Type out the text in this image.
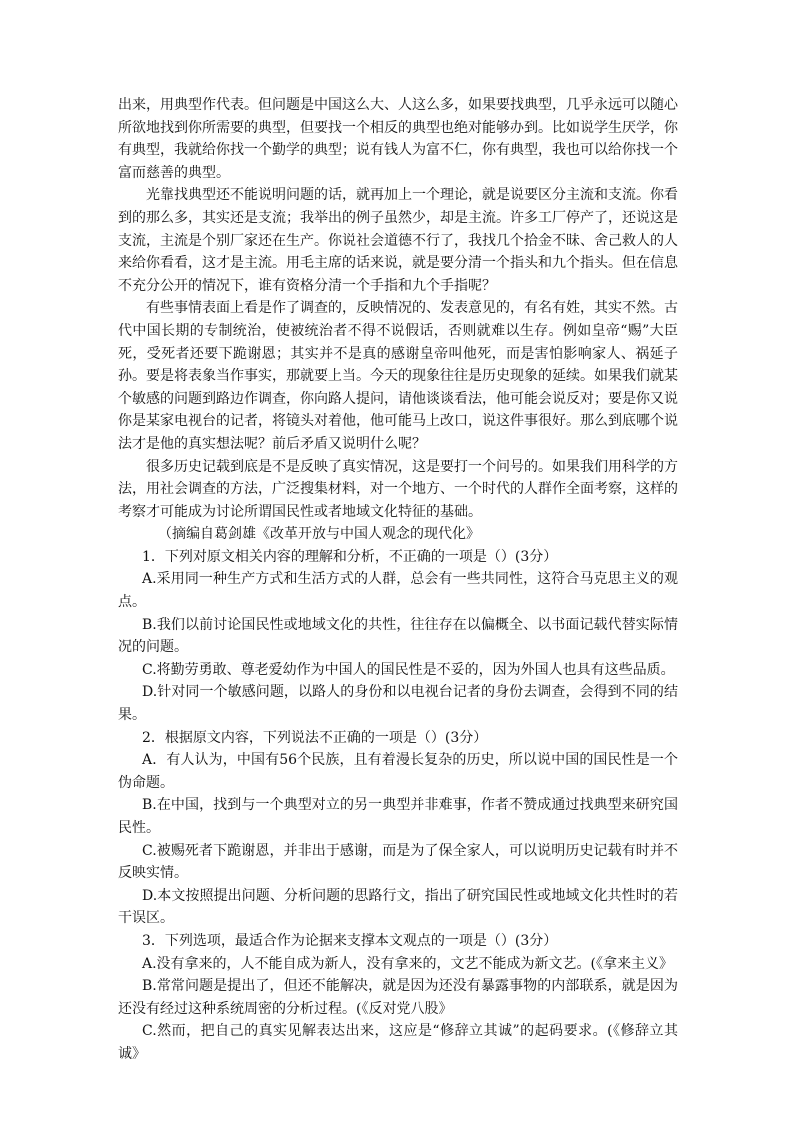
出来，用典型作代表。但问题是中国这么大、人这么多，如果要找典型，几乎永远可以随心所欲地找到你所需要的典型，但要找一个相反的典型也绝对能够办到。比如说学生厌学，你有典型，我就给你找一个勤学的典型；说有钱人为富不仁，你有典型，我也可以给你找一个富而慈善的典型。

光靠找典型还不能说明问题的话，就再加上一个理论，就是说要区分主流和支流。你看到的那么多，其实还是支流；我举出的例子虽然少，却是主流。许多工厂停产了，还说这是支流，主流是个别厂家还在生产。你说社会道德不行了，我找几个拾金不昧、舍己救人的人来给你看看，这才是主流。用毛主席的话来说，就是要分清一个指头和九个指头。但在信息不充分公开的情况下，谁有资格分清一个手指和九个手指呢？

有些事情表面上看是作了调查的，反映情况的、发表意见的，有名有姓，其实不然。古代中国长期的专制统治，使被统治者不得不说假话，否则就难以生存。例如皇帝“赐”大臣死，受死者还要下跪谢恩；其实并不是真的感谢皇帝叫他死，而是害怕影响家人、祸延子孙。要是将表象当作事实，那就要上当。今天的现象往往是历史现象的延续。如果我们就某个敏感的问题到路边作调查，你向路人提问，请他谈谈看法，他可能会说反对；要是你又说你是某家电视台的记者，将镜头对着他，他可能马上改口，说这件事很好。那么到底哪个说法才是他的真实想法呢？前后矛盾又说明什么呢？

很多历史记载到底是不是反映了真实情况，这是要打一个问号的。如果我们用科学的方法，用社会调查的方法，广泛搜集材料，对一个地方、一个时代的人群作全面考察，这样的考察才可能成为讨论所谓国民性或者地域文化特征的基础。

（摘编自葛剑雄《改革开放与中国人观念的现代化》

1．下列对原文相关内容的理解和分析，不正确的一项是（）(3分）

A.采用同一种生产方式和生活方式的人群，总会有一些共同性，这符合马克思主义的观点。

B.我们以前讨论国民性或地域文化的共性，往往存在以偏概全、以书面记载代替实际情况的问题。

C.将勤劳勇敢、尊老爱幼作为中国人的国民性是不妥的，因为外国人也具有这些品质。

D.针对同一个敏感问题，以路人的身份和以电视台记者的身份去调查，会得到不同的结果。

2．根据原文内容，下列说法不正确的一项是（）(3分）

A．有人认为，中国有56个民族，且有着漫长复杂的历史，所以说中国的国民性是一个伪命题。

B.在中国，找到与一个典型对立的另一典型并非难事，作者不赞成通过找典型来研究国民性。

C.被赐死者下跪谢恩，并非出于感谢，而是为了保全家人，可以说明历史记载有时并不反映实情。

D.本文按照提出问题、分析问题的思路行文，指出了研究国民性或地域文化共性时的若干误区。

3．下列选项，最适合作为论据来支撑本文观点的一项是（）(3分）

A.没有拿来的，人不能自成为新人，没有拿来的，文艺不能成为新文艺。(《拿来主义》

B.常常问题是提出了，但还不能解决，就是因为还没有暴露事物的内部联系，就是因为还没有经过这种系统周密的分析过程。(《反对党八股》

C.然而，把自己的真实见解表达出来，这应是“修辞立其诚”的起码要求。(《修辞立其诚》
